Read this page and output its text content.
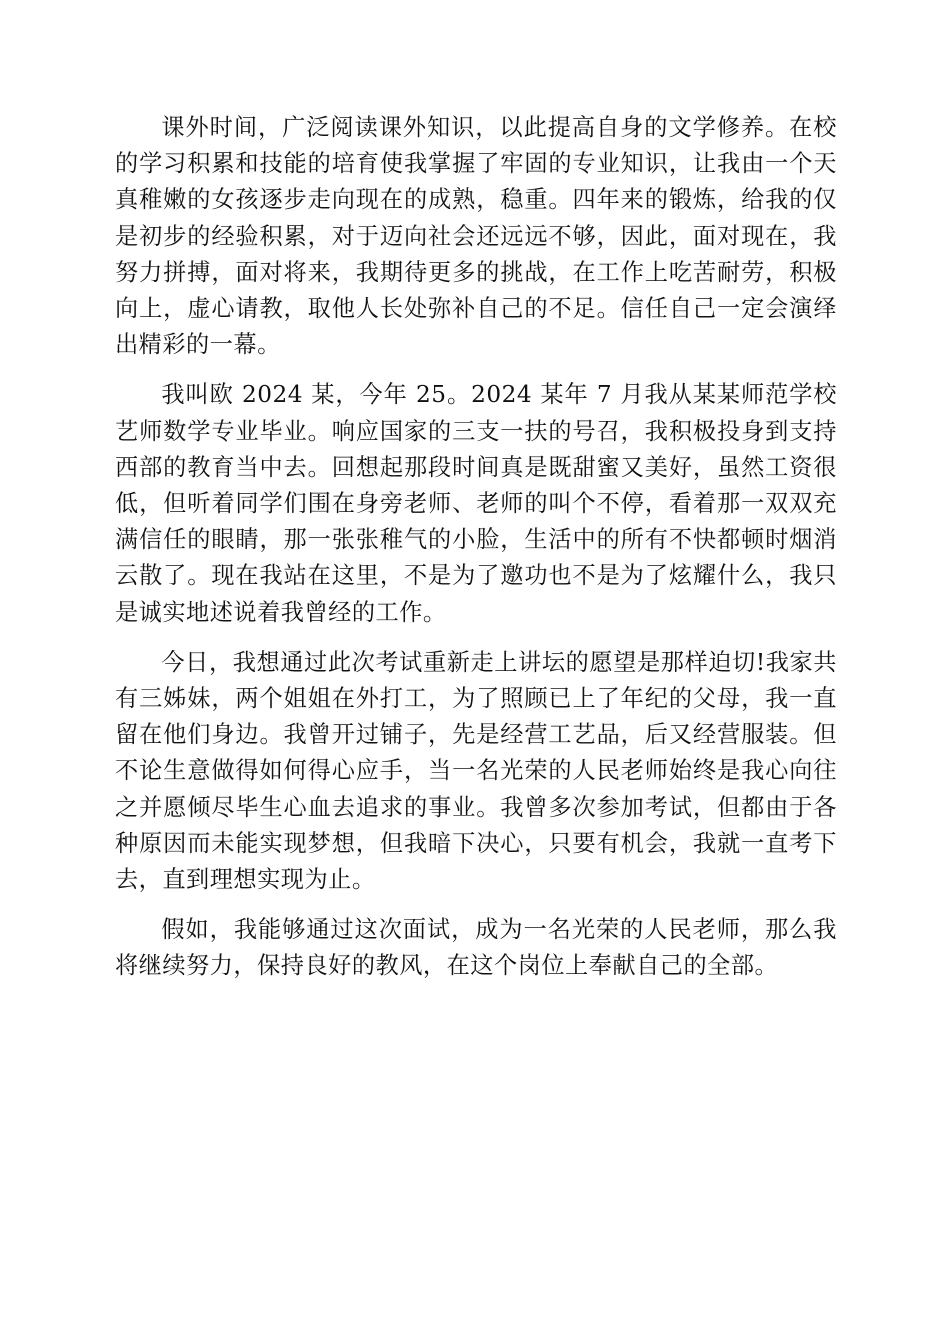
课外时间，广泛阅读课外知识，以此提高自身的文学修养。在校的学习积累和技能的培育使我掌握了牢固的专业知识，让我由一个天真稚嫩的女孩逐步走向现在的成熟，稳重。四年来的锻炼，给我的仅是初步的经验积累，对于迈向社会还远远不够，因此，面对现在，我努力拼搏，面对将来，我期待更多的挑战，在工作上吃苦耐劳，积极向上，虚心请教，取他人长处弥补自己的不足。信任自己一定会演绎出精彩的一幕。

我叫欧 2024 某，今年 25。2024 某年 7 月我从某某师范学校艺师数学专业毕业。响应国家的三支一扶的号召，我积极投身到支持西部的教育当中去。回想起那段时间真是既甜蜜又美好，虽然工资很低，但听着同学们围在身旁老师、老师的叫个不停，看着那一双双充满信任的眼睛，那一张张稚气的小脸，生活中的所有不快都顿时烟消云散了。现在我站在这里，不是为了邀功也不是为了炫耀什么，我只是诚实地述说着我曾经的工作。

今日，我想通过此次考试重新走上讲坛的愿望是那样迫切!我家共有三姊妹，两个姐姐在外打工，为了照顾已上了年纪的父母，我一直留在他们身边。我曾开过铺子，先是经营工艺品，后又经营服装。但不论生意做得如何得心应手，当一名光荣的人民老师始终是我心向往之并愿倾尽毕生心血去追求的事业。我曾多次参加考试，但都由于各种原因而未能实现梦想，但我暗下决心，只要有机会，我就一直考下去，直到理想实现为止。

假如，我能够通过这次面试，成为一名光荣的人民老师，那么我将继续努力，保持良好的教风，在这个岗位上奉献自己的全部。
